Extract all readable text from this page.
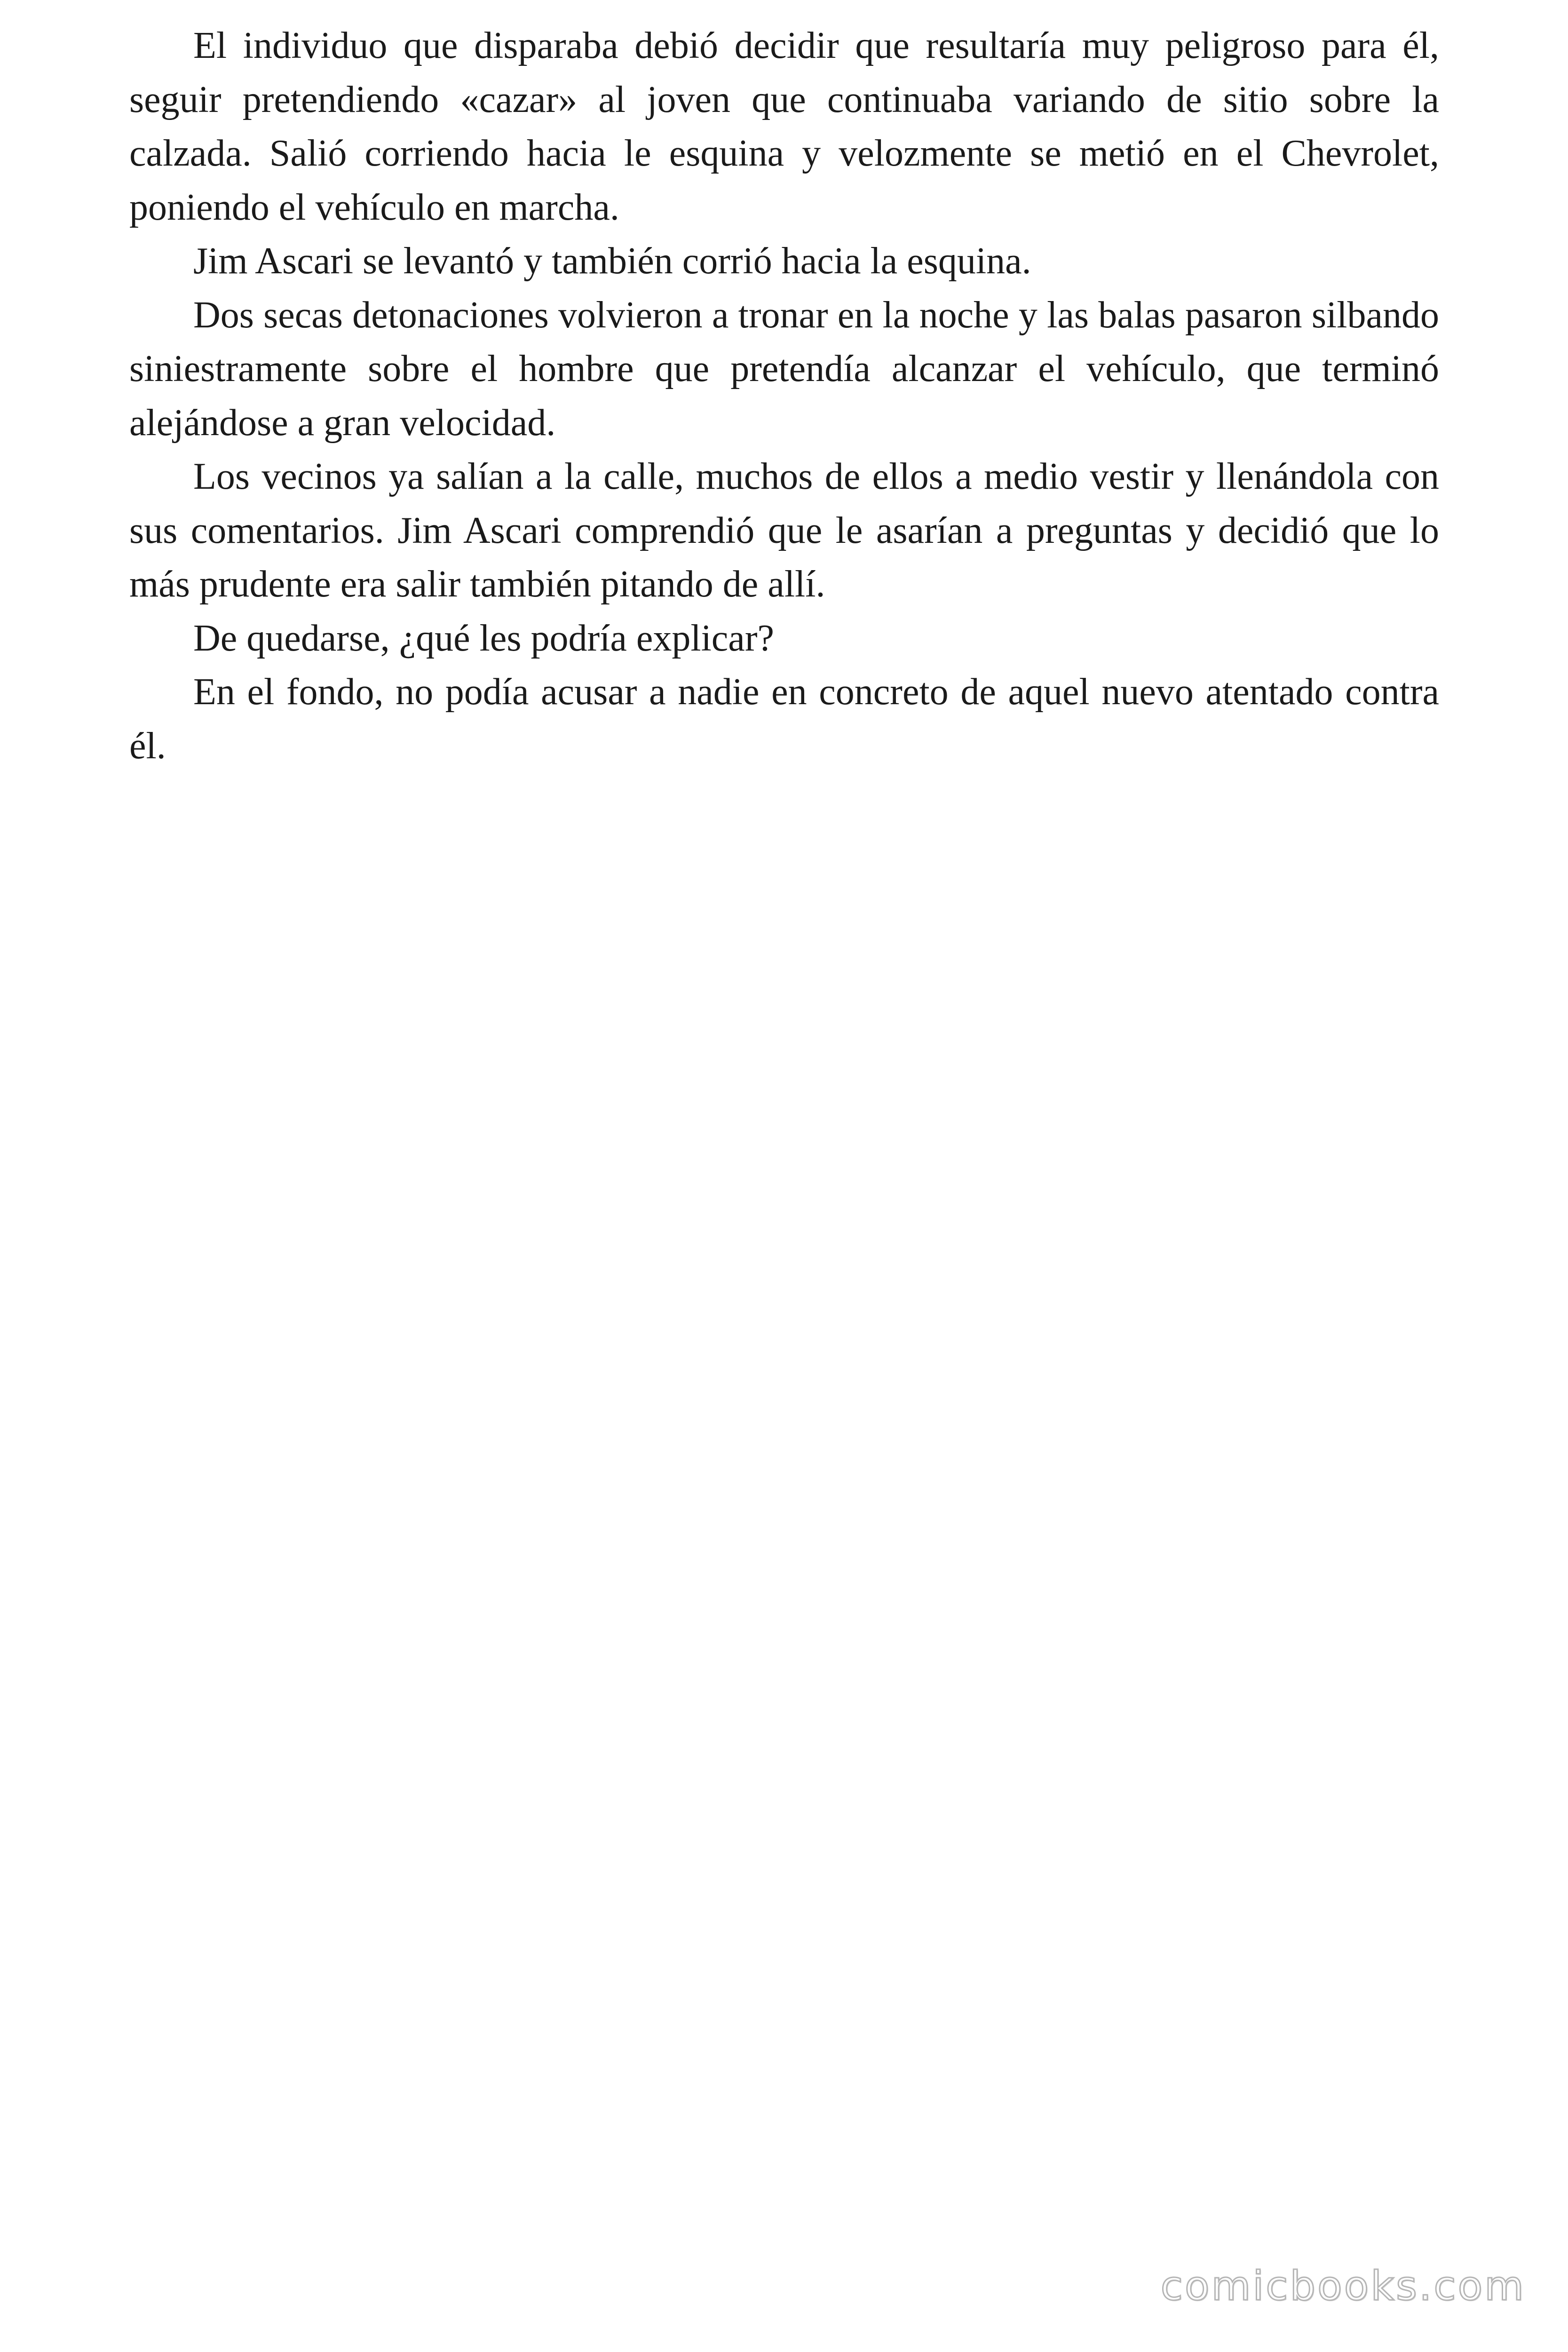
El individuo que disparaba debió decidir que resultaría muy peligroso para él, seguir pretendiendo «cazar» al joven que continuaba variando de sitio sobre la calzada. Salió corriendo hacia le esquina y velozmente se metió en el Chevrolet, poniendo el vehículo en marcha.

Jim Ascari se levantó y también corrió hacia la esquina.

Dos secas detonaciones volvieron a tronar en la noche y las balas pasaron silbando siniestramente sobre el hombre que pretendía alcanzar el vehículo, que terminó alejándose a gran velocidad.

Los vecinos ya salían a la calle, muchos de ellos a medio vestir y llenándola con sus comentarios. Jim Ascari comprendió que le asarían a preguntas y decidió que lo más prudente era salir también pitando de allí.

De quedarse, ¿qué les podría explicar?

En el fondo, no podía acusar a nadie en concreto de aquel nuevo atentado contra él.

comicbooks.com
